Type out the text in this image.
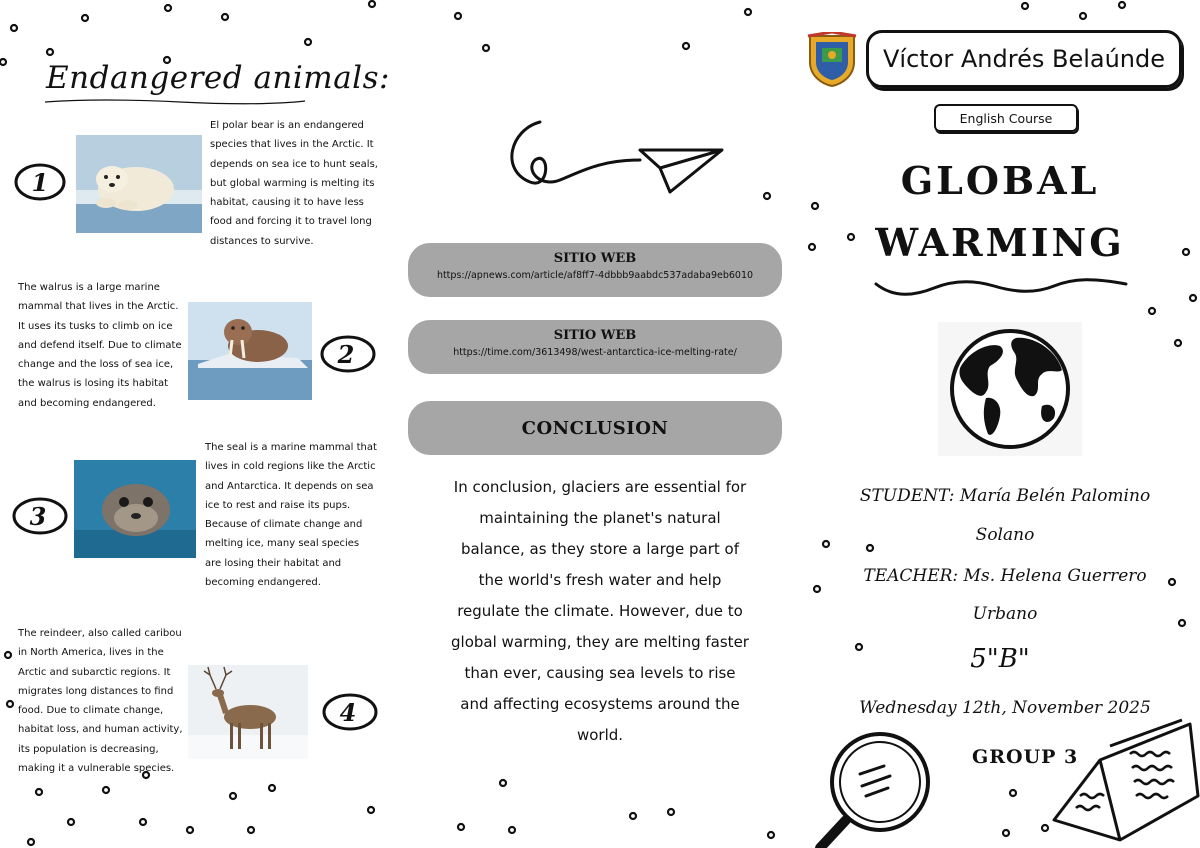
Endangered animals:
1

El polar bear is an endangered species that lives in the Arctic. It depends on sea ice to hunt seals, but global warming is melting its habitat, causing it to have less food and forcing it to travel long distances to survive.

The walrus is a large marine mammal that lives in the Arctic. It uses its tusks to climb on ice and defend itself. Due to climate change and the loss of sea ice, the walrus is losing its habitat and becoming endangered.

2
3

The seal is a marine mammal that lives in cold regions like the Arctic and Antarctica. It depends on sea ice to rest and raise its pups. Because of climate change and melting ice, many seal species are losing their habitat and becoming endangered.

The reindeer, also called caribou in North America, lives in the Arctic and subarctic regions. It migrates long distances to find food. Due to climate change, habitat loss, and human activity, its population is decreasing, making it a vulnerable species.

4
SITIO WEB
https://apnews.com/article/af8ff7-4dbbb9aabdc537adaba9eb6010
SITIO WEB
https://time.com/3613498/west-antarctica-ice-melting-rate/
CONCLUSION

In conclusion, glaciers are essential for maintaining the planet's natural balance, as they store a large part of the world's fresh water and help regulate the climate. However, due to global warming, they are melting faster than ever, causing sea levels to rise and affecting ecosystems around the world.

Víctor Andrés Belaúnde
English Course
GLOBAL
WARMING
STUDENT: María Belén Palomino
Solano
TEACHER: Ms. Helena Guerrero
Urbano
5"B"
Wednesday 12th, November 2025
GROUP 3
